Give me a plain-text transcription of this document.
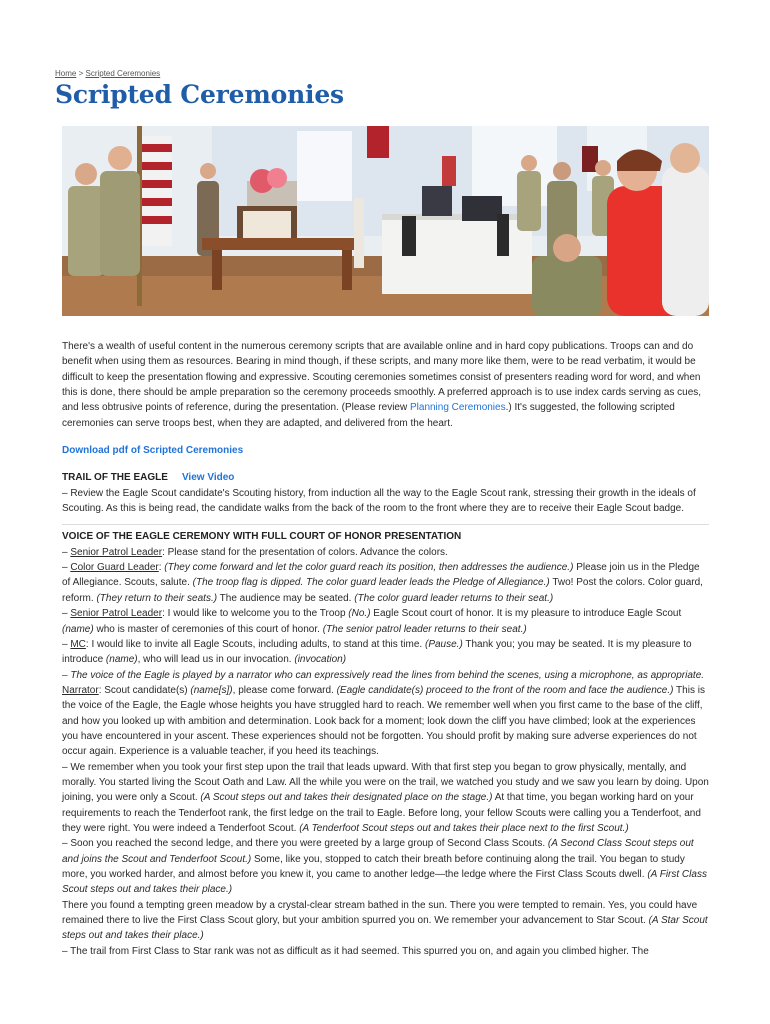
Home > Scripted Ceremonies
Scripted Ceremonies

There's a wealth of useful content in the numerous ceremony scripts that are available online and in hard copy publications. Troops can and do benefit when using them as resources. Bearing in mind though, if these scripts, and many more like them, were to be read verbatim, it would be difficult to keep the presentation flowing and expressive. Scouting ceremonies sometimes consist of presenters reading word for word, and when this is done, there should be ample preparation so the ceremony proceeds smoothly. A preferred approach is to use index cards serving as cues, and less obtrusive points of reference, during the presentation. (Please review Planning Ceremonies.) It's suggested, the following scripted ceremonies can serve troops best, when they are adapted, and delivered from the heart.

Download pdf of Scripted Ceremonies
TRAIL OF THE EAGLE View Video

– Review the Eagle Scout candidate's Scouting history, from induction all the way to the Eagle Scout rank, stressing their growth in the ideals of Scouting. As this is being read, the candidate walks from the back of the room to the front where they are to receive their Eagle Scout badge.

VOICE OF THE EAGLE CEREMONY WITH FULL COURT OF HONOR PRESENTATION
– Senior Patrol Leader: Please stand for the presentation of colors. Advance the colors.
– Color Guard Leader: (They come forward and let the color guard reach its position, then addresses the audience.) Please join us in the Pledge of Allegiance. Scouts, salute. (The troop flag is dipped. The color guard leader leads the Pledge of Allegiance.) Two! Post the colors. Color guard, reform. (They return to their seats.) The audience may be seated. (The color guard leader returns to their seat.)
– Senior Patrol Leader: I would like to welcome you to the Troop (No.) Eagle Scout court of honor. It is my pleasure to introduce Eagle Scout (name) who is master of ceremonies of this court of honor. (The senior patrol leader returns to their seat.)
– MC: I would like to invite all Eagle Scouts, including adults, to stand at this time. (Pause.) Thank you; you may be seated. It is my pleasure to introduce (name), who will lead us in our invocation. (invocation)
– The voice of the Eagle is played by a narrator who can expressively read the lines from behind the scenes, using a microphone, as appropriate.
Narrator: Scout candidate(s) (name[s]), please come forward. (Eagle candidate(s) proceed to the front of the room and face the audience.) This is the voice of the Eagle, the Eagle whose heights you have struggled hard to reach. We remember well when you first came to the base of the cliff, and how you looked up with ambition and determination. Look back for a moment; look down the cliff you have climbed; look at the experiences you have encountered in your ascent. These experiences should not be forgotten. You should profit by making sure adverse experiences do not occur again. Experience is a valuable teacher, if you heed its teachings.
– We remember when you took your first step upon the trail that leads upward. With that first step you began to grow physically, mentally, and morally. You started living the Scout Oath and Law. All the while you were on the trail, we watched you study and we saw you learn by doing. Upon joining, you were only a Scout. (A Scout steps out and takes their designated place on the stage.) At that time, you began working hard on your requirements to reach the Tenderfoot rank, the first ledge on the trail to Eagle. Before long, your fellow Scouts were calling you a Tenderfoot, and they were right. You were indeed a Tenderfoot Scout. (A Tenderfoot Scout steps out and takes their place next to the first Scout.)
– Soon you reached the second ledge, and there you were greeted by a large group of Second Class Scouts. (A Second Class Scout steps out and joins the Scout and Tenderfoot Scout.) Some, like you, stopped to catch their breath before continuing along the trail. You began to study more, you worked harder, and almost before you knew it, you came to another ledge—the ledge where the First Class Scouts dwell. (A First Class Scout steps out and takes their place.)
There you found a tempting green meadow by a crystal-clear stream bathed in the sun. There you were tempted to remain. Yes, you could have remained there to live the First Class Scout glory, but your ambition spurred you on. We remember your advancement to Star Scout. (A Star Scout steps out and takes their place.)
– The trail from First Class to Star rank was not as difficult as it had seemed. This spurred you on, and again you climbed higher. The
